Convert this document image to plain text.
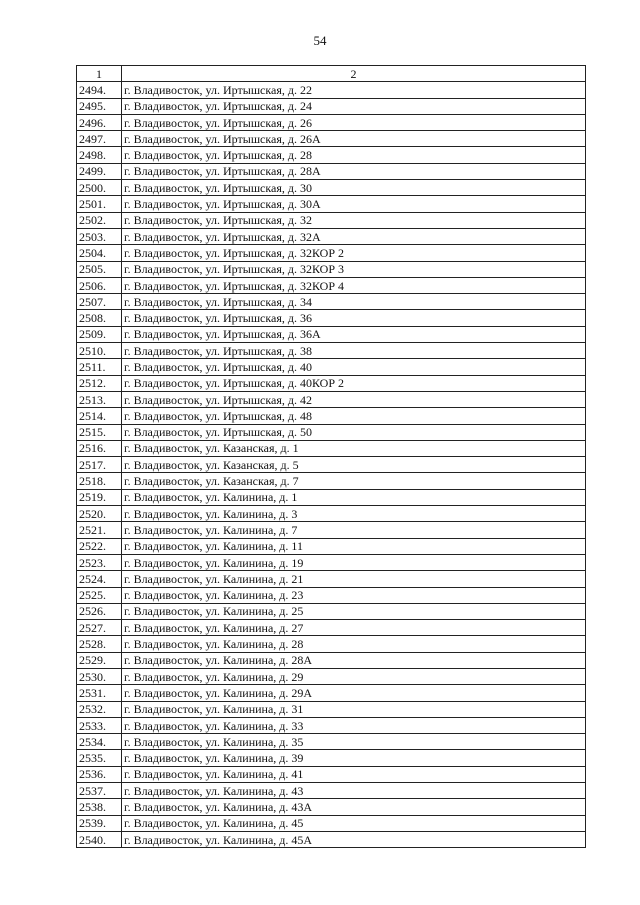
54
1	2
2494.	г. Владивосток, ул. Иртышская, д. 22
2495.	г. Владивосток, ул. Иртышская, д. 24
2496.	г. Владивосток, ул. Иртышская, д. 26
2497.	г. Владивосток, ул. Иртышская, д. 26А
2498.	г. Владивосток, ул. Иртышская, д. 28
2499.	г. Владивосток, ул. Иртышская, д. 28А
2500.	г. Владивосток, ул. Иртышская, д. 30
2501.	г. Владивосток, ул. Иртышская, д. 30А
2502.	г. Владивосток, ул. Иртышская, д. 32
2503.	г. Владивосток, ул. Иртышская, д. 32А
2504.	г. Владивосток, ул. Иртышская, д. 32КОР 2
2505.	г. Владивосток, ул. Иртышская, д. 32КОР 3
2506.	г. Владивосток, ул. Иртышская, д. 32КОР 4
2507.	г. Владивосток, ул. Иртышская, д. 34
2508.	г. Владивосток, ул. Иртышская, д. 36
2509.	г. Владивосток, ул. Иртышская, д. 36А
2510.	г. Владивосток, ул. Иртышская, д. 38
2511.	г. Владивосток, ул. Иртышская, д. 40
2512.	г. Владивосток, ул. Иртышская, д. 40КОР 2
2513.	г. Владивосток, ул. Иртышская, д. 42
2514.	г. Владивосток, ул. Иртышская, д. 48
2515.	г. Владивосток, ул. Иртышская, д. 50
2516.	г. Владивосток, ул. Казанская, д. 1
2517.	г. Владивосток, ул. Казанская, д. 5
2518.	г. Владивосток, ул. Казанская, д. 7
2519.	г. Владивосток, ул. Калинина, д. 1
2520.	г. Владивосток, ул. Калинина, д. 3
2521.	г. Владивосток, ул. Калинина, д. 7
2522.	г. Владивосток, ул. Калинина, д. 11
2523.	г. Владивосток, ул. Калинина, д. 19
2524.	г. Владивосток, ул. Калинина, д. 21
2525.	г. Владивосток, ул. Калинина, д. 23
2526.	г. Владивосток, ул. Калинина, д. 25
2527.	г. Владивосток, ул. Калинина, д. 27
2528.	г. Владивосток, ул. Калинина, д. 28
2529.	г. Владивосток, ул. Калинина, д. 28А
2530.	г. Владивосток, ул. Калинина, д. 29
2531.	г. Владивосток, ул. Калинина, д. 29А
2532.	г. Владивосток, ул. Калинина, д. 31
2533.	г. Владивосток, ул. Калинина, д. 33
2534.	г. Владивосток, ул. Калинина, д. 35
2535.	г. Владивосток, ул. Калинина, д. 39
2536.	г. Владивосток, ул. Калинина, д. 41
2537.	г. Владивосток, ул. Калинина, д. 43
2538.	г. Владивосток, ул. Калинина, д. 43А
2539.	г. Владивосток, ул. Калинина, д. 45
2540.	г. Владивосток, ул. Калинина, д. 45А
